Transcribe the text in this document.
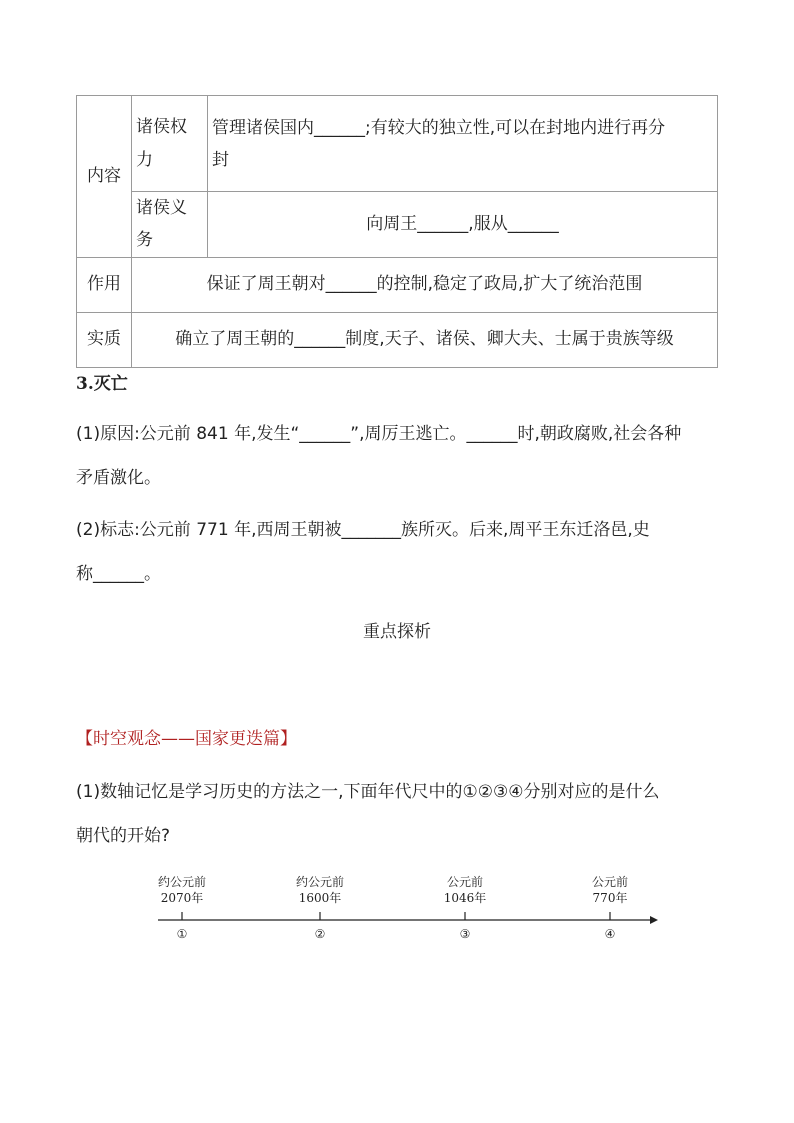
内容	诸侯权力	管理诸侯国内______;有较大的独立性,可以在封地内进行再分
封

	诸侯义务	向周王______,服从______
作用	保证了周王朝对______的控制,稳定了政局,扩大了统治范围	
实质	确立了周王朝的______制度,天子、诸侯、卿大夫、士属于贵族等级	
3.灭亡
(1)原因:公元前 841 年,发生“______”,周厉王逃亡。______时,朝政腐败,社会各种
矛盾激化。
(2)标志:公元前 771 年,西周王朝被_______族所灭。后来,周平王东迁洛邑,史
称______。
重点探析
【时空观念——国家更迭篇】
(1)数轴记忆是学习历史的方法之一,下面年代尺中的①②③④分别对应的是什么
朝代的开始?
约公元前
2070年
①
约公元前
1600年
②
公元前
1046年
③
公元前
770年
④
